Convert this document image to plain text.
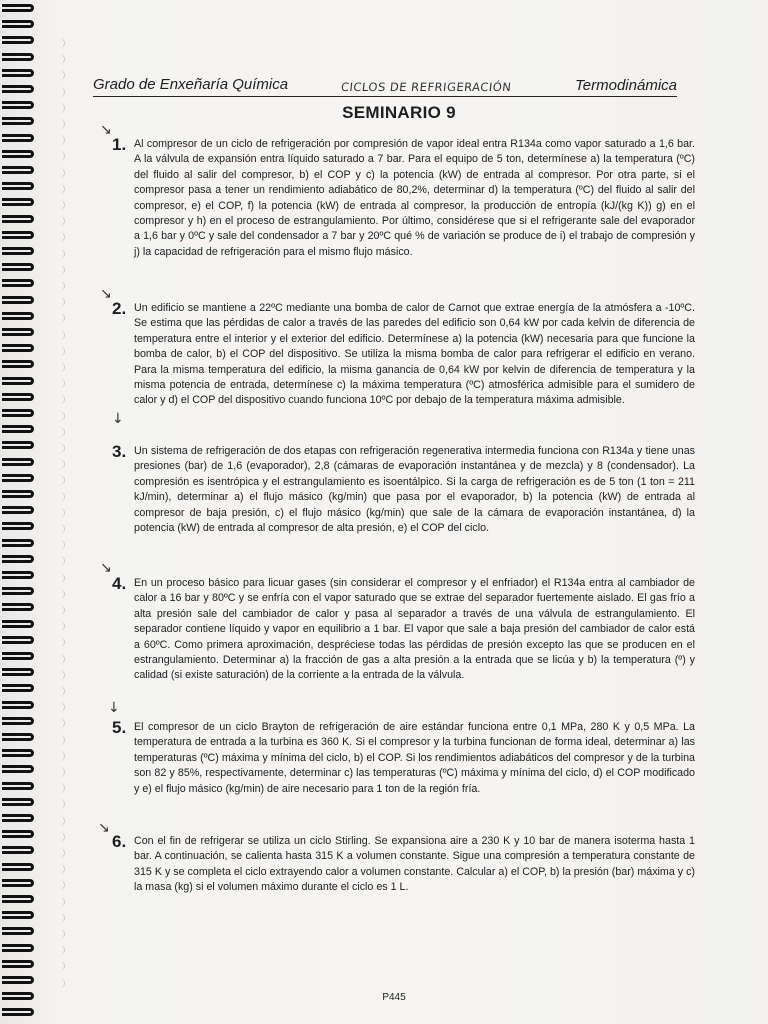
Grado de Enxeñaría Química	CICLOS DE REFRIGERACIÓN	Termodinámica
SEMINARIO 9
↘
1. Al compresor de un ciclo de refrigeración por compresión de vapor ideal entra R134a como vapor saturado a 1,6 bar. A la válvula de expansión entra líquido saturado a 7 bar. Para el equipo de 5 ton, determínese a) la temperatura (ºC) del fluido al salir del compresor, b) el COP y c) la potencia (kW) de entrada al compresor. Por otra parte, si el compresor pasa a tener un rendimiento adiabático de 80,2%, determinar d) la temperatura (ºC) del fluido al salir del compresor, e) el COP, f) la potencia (kW) de entrada al compresor, la producción de entropía (kJ/(kg K)) g) en el compresor y h) en el proceso de estrangulamiento. Por último, considérese que si el refrigerante sale del evaporador a 1,6 bar y 0ºC y sale del condensador a 7 bar y 20ºC qué % de variación se produce de i) el trabajo de compresión y j) la capacidad de refrigeración para el mismo flujo másico.
↘
2. Un edificio se mantiene a 22ºC mediante una bomba de calor de Carnot que extrae energía de la atmósfera a -10ºC. Se estima que las pérdidas de calor a través de las paredes del edificio son 0,64 kW por cada kelvin de diferencia de temperatura entre el interior y el exterior del edificio. Determínese a) la potencia (kW) necesaria para que funcione la bomba de calor, b) el COP del dispositivo. Se utiliza la misma bomba de calor para refrigerar el edificio en verano. Para la misma temperatura del edificio, la misma ganancia de 0,64 kW por kelvin de diferencia de temperatura y la misma potencia de entrada, determínese c) la máxima temperatura (ºC) atmosférica admisible para el sumidero de calor y d) el COP del dispositivo cuando funciona 10ºC por debajo de la temperatura máxima admisible.
↓
3. Un sistema de refrigeración de dos etapas con refrigeración regenerativa intermedia funciona con R134a y tiene unas presiones (bar) de 1,6 (evaporador), 2,8 (cámaras de evaporación instantánea y de mezcla) y 8 (condensador). La compresión es isentrópica y el estrangulamiento es isoentálpico. Si la carga de refrigeración es de 5 ton (1 ton = 211 kJ/min), determinar a) el flujo másico (kg/min) que pasa por el evaporador, b) la potencia (kW) de entrada al compresor de baja presión, c) el flujo másico (kg/min) que sale de la cámara de evaporación instantánea, d) la potencia (kW) de entrada al compresor de alta presión, e) el COP del ciclo.
↘
4. En un proceso básico para licuar gases (sin considerar el compresor y el enfriador) el R134a entra al cambiador de calor a 16 bar y 80ºC y se enfría con el vapor saturado que se extrae del separador fuertemente aislado. El gas frío a alta presión sale del cambiador de calor y pasa al separador a través de una válvula de estrangulamiento. El separador contiene líquido y vapor en equilibrio a 1 bar. El vapor que sale a baja presión del cambiador de calor está a 60ºC. Como primera aproximación, despréciese todas las pérdidas de presión excepto las que se producen en el estrangulamiento. Determinar a) la fracción de gas a alta presión a la entrada que se licúa y b) la temperatura (º) y calidad (si existe saturación) de la corriente a la entrada de la válvula.
↓
5. El compresor de un ciclo Brayton de refrigeración de aire estándar funciona entre 0,1 MPa, 280 K y 0,5 MPa. La temperatura de entrada a la turbina es 360 K. Si el compresor y la turbina funcionan de forma ideal, determinar a) las temperaturas (ºC) máxima y mínima del ciclo, b) el COP. Si los rendimientos adiabáticos del compresor y de la turbina son 82 y 85%, respectivamente, determinar c) las temperaturas (ºC) máxima y mínima del ciclo, d) el COP modificado y e) el flujo másico (kg/min) de aire necesario para 1 ton de la región fría.
↘
6. Con el fin de refrigerar se utiliza un ciclo Stirling. Se expansiona aire a 230 K y 10 bar de manera isoterma hasta 1 bar. A continuación, se calienta hasta 315 K a volumen constante. Sigue una compresión a temperatura constante de 315 K y se completa el ciclo extrayendo calor a volumen constante. Calcular a) el COP, b) la presión (bar) máxima y c) la masa (kg) si el volumen máximo durante el ciclo es 1 L.
P445
